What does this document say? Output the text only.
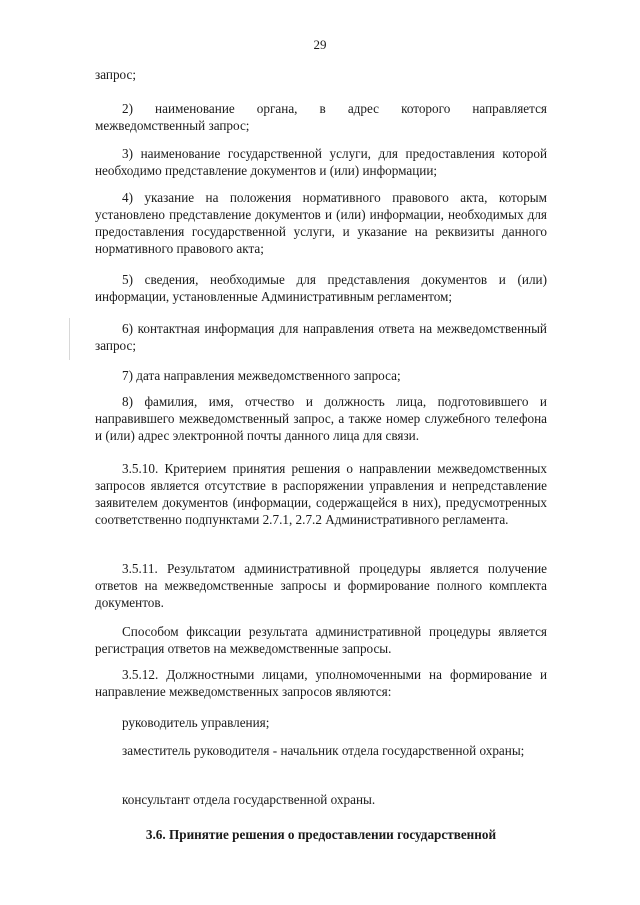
29

запрос;

2) наименование органа, в адрес которого направляется межведомственный запрос;

3) наименование государственной услуги, для предоставления которой необходимо представление документов и (или) информации;

4) указание на положения нормативного правового акта, которым установлено представление документов и (или) информации, необходимых для предоставления государственной услуги, и указание на реквизиты данного нормативного правового акта;

5) сведения, необходимые для представления документов и (или) информации, установленные Административным регламентом;

6) контактная информация для направления ответа на межведомственный запрос;

7) дата направления межведомственного запроса;

8) фамилия, имя, отчество и должность лица, подготовившего и направившего межведомственный запрос, а также номер служебного телефона и (или) адрес электронной почты данного лица для связи.

3.5.10. Критерием принятия решения о направлении межведомственных запросов является отсутствие в распоряжении управления и непредставление заявителем документов (информации, содержащейся в них), предусмотренных соответственно подпунктами 2.7.1, 2.7.2 Административного регламента.

3.5.11. Результатом административной процедуры является получение ответов на межведомственные запросы и формирование полного комплекта документов.

Способом фиксации результата административной процедуры является регистрация ответов на межведомственные запросы.

3.5.12. Должностными лицами, уполномоченными на формирование и направление межведомственных запросов являются:

руководитель управления;

заместитель руководителя - начальник отдела государственной охраны;

консультант отдела государственной охраны.

3.6. Принятие решения о предоставлении государственной
